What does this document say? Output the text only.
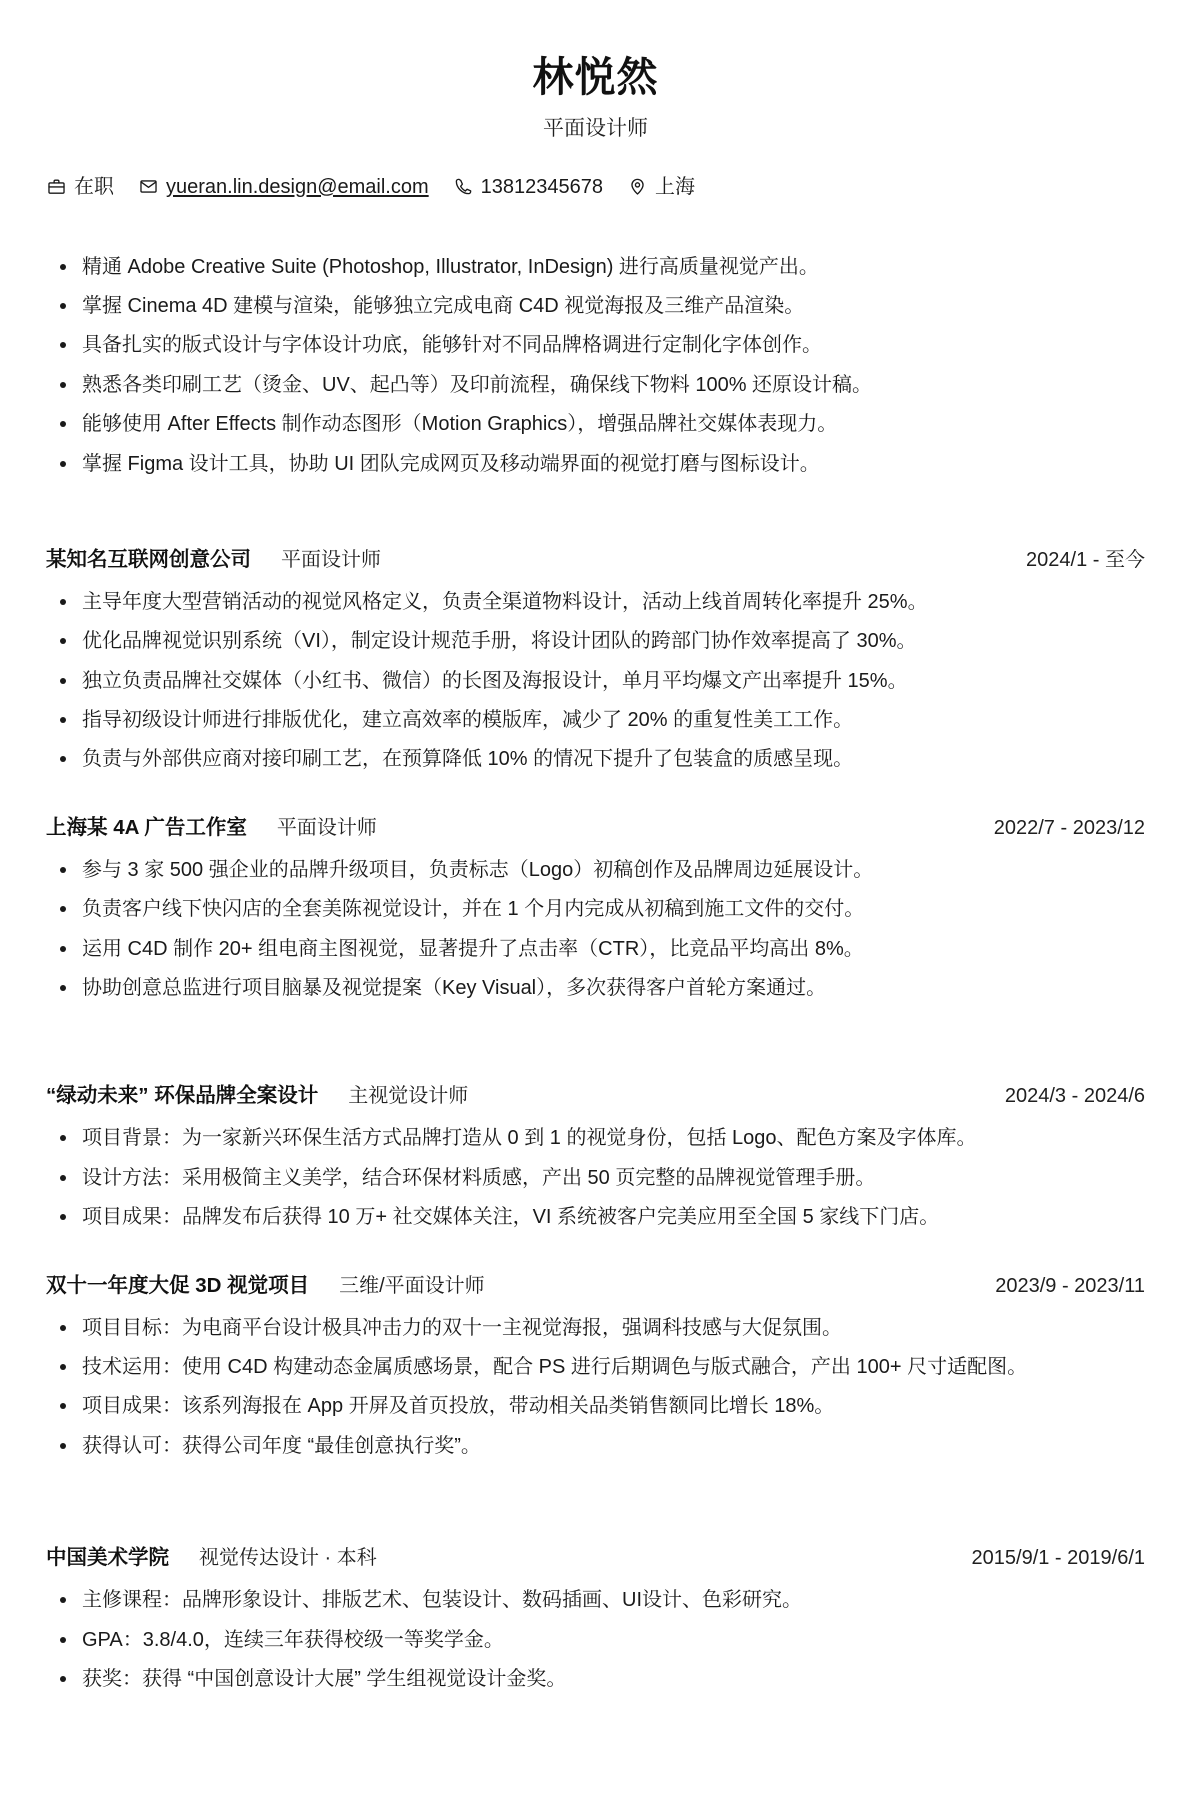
林悦然
平面设计师
在职	yueran.lin.design@email.com	13812345678	上海
精通 Adobe Creative Suite (Photoshop, Illustrator, InDesign) 进行高质量视觉产出。
掌握 Cinema 4D 建模与渲染，能够独立完成电商 C4D 视觉海报及三维产品渲染。
具备扎实的版式设计与字体设计功底，能够针对不同品牌格调进行定制化字体创作。
熟悉各类印刷工艺（烫金、UV、起凸等）及印前流程，确保线下物料 100% 还原设计稿。
能够使用 After Effects 制作动态图形（Motion Graphics），增强品牌社交媒体表现力。
掌握 Figma 设计工具，协助 UI 团队完成网页及移动端界面的视觉打磨与图标设计。
某知名互联网创意公司 平面设计师	2024/1 - 至今
主导年度大型营销活动的视觉风格定义，负责全渠道物料设计，活动上线首周转化率提升 25%。
优化品牌视觉识别系统（VI），制定设计规范手册，将设计团队的跨部门协作效率提高了 30%。
独立负责品牌社交媒体（小红书、微信）的长图及海报设计，单月平均爆文产出率提升 15%。
指导初级设计师进行排版优化，建立高效率的模版库，减少了 20% 的重复性美工工作。
负责与外部供应商对接印刷工艺，在预算降低 10% 的情况下提升了包装盒的质感呈现。
上海某 4A 广告工作室 平面设计师	2022/7 - 2023/12
参与 3 家 500 强企业的品牌升级项目，负责标志（Logo）初稿创作及品牌周边延展设计。
负责客户线下快闪店的全套美陈视觉设计，并在 1 个月内完成从初稿到施工文件的交付。
运用 C4D 制作 20+ 组电商主图视觉，显著提升了点击率（CTR），比竞品平均高出 8%。
协助创意总监进行项目脑暴及视觉提案（Key Visual），多次获得客户首轮方案通过。
“绿动未来” 环保品牌全案设计 主视觉设计师	2024/3 - 2024/6
项目背景：为一家新兴环保生活方式品牌打造从 0 到 1 的视觉身份，包括 Logo、配色方案及字体库。
设计方法：采用极简主义美学，结合环保材料质感，产出 50 页完整的品牌视觉管理手册。
项目成果：品牌发布后获得 10 万+ 社交媒体关注，VI 系统被客户完美应用至全国 5 家线下门店。
双十一年度大促 3D 视觉项目 三维/平面设计师	2023/9 - 2023/11
项目目标：为电商平台设计极具冲击力的双十一主视觉海报，强调科技感与大促氛围。
技术运用：使用 C4D 构建动态金属质感场景，配合 PS 进行后期调色与版式融合，产出 100+ 尺寸适配图。
项目成果：该系列海报在 App 开屏及首页投放，带动相关品类销售额同比增长 18%。
获得认可：获得公司年度 “最佳创意执行奖”。
中国美术学院 视觉传达设计 · 本科	2015/9/1 - 2019/6/1
主修课程：品牌形象设计、排版艺术、包装设计、数码插画、UI设计、色彩研究。
GPA：3.8/4.0，连续三年获得校级一等奖学金。
获奖：获得 “中国创意设计大展” 学生组视觉设计金奖。
